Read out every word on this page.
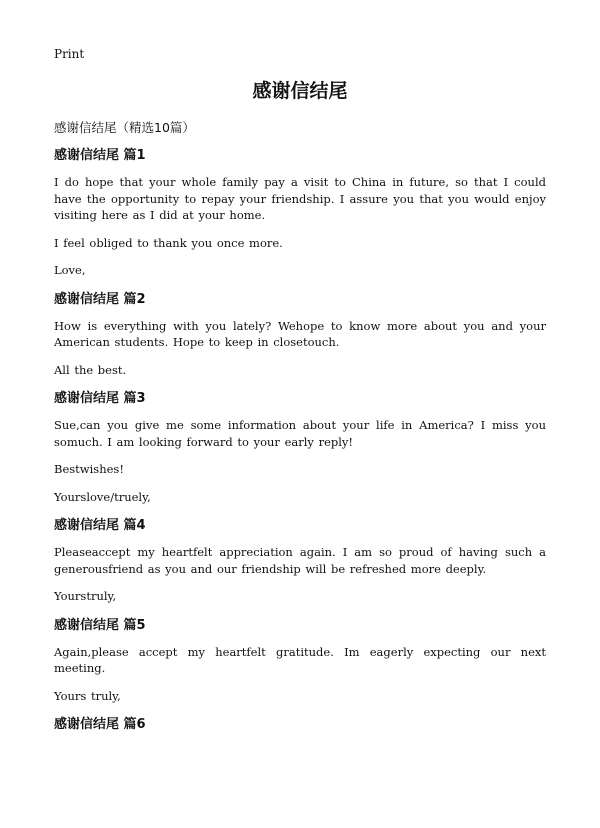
Print
感谢信结尾
感谢信结尾（精选10篇）
感谢信结尾 篇1

I do hope that your whole family pay a visit to China in future, so that I could have the opportunity to repay your friendship. I assure you that you would enjoy visiting here as I did at your home.

I feel obliged to thank you once more.

Love,

感谢信结尾 篇2

How is everything with you lately? Wehope to know more about you and your American students. Hope to keep in closetouch.

All the best.

感谢信结尾 篇3

Sue,can you give me some information about your life in America? I miss you somuch. I am looking forward to your early reply!

Bestwishes!

Yourslove/truely,

感谢信结尾 篇4

Pleaseaccept my heartfelt appreciation again. I am so proud of having such a generousfriend as you and our friendship will be refreshed more deeply.

Yourstruly,

感谢信结尾 篇5

Again,please accept my heartfelt gratitude. Im eagerly expecting our next meeting.

Yours truly,

感谢信结尾 篇6
